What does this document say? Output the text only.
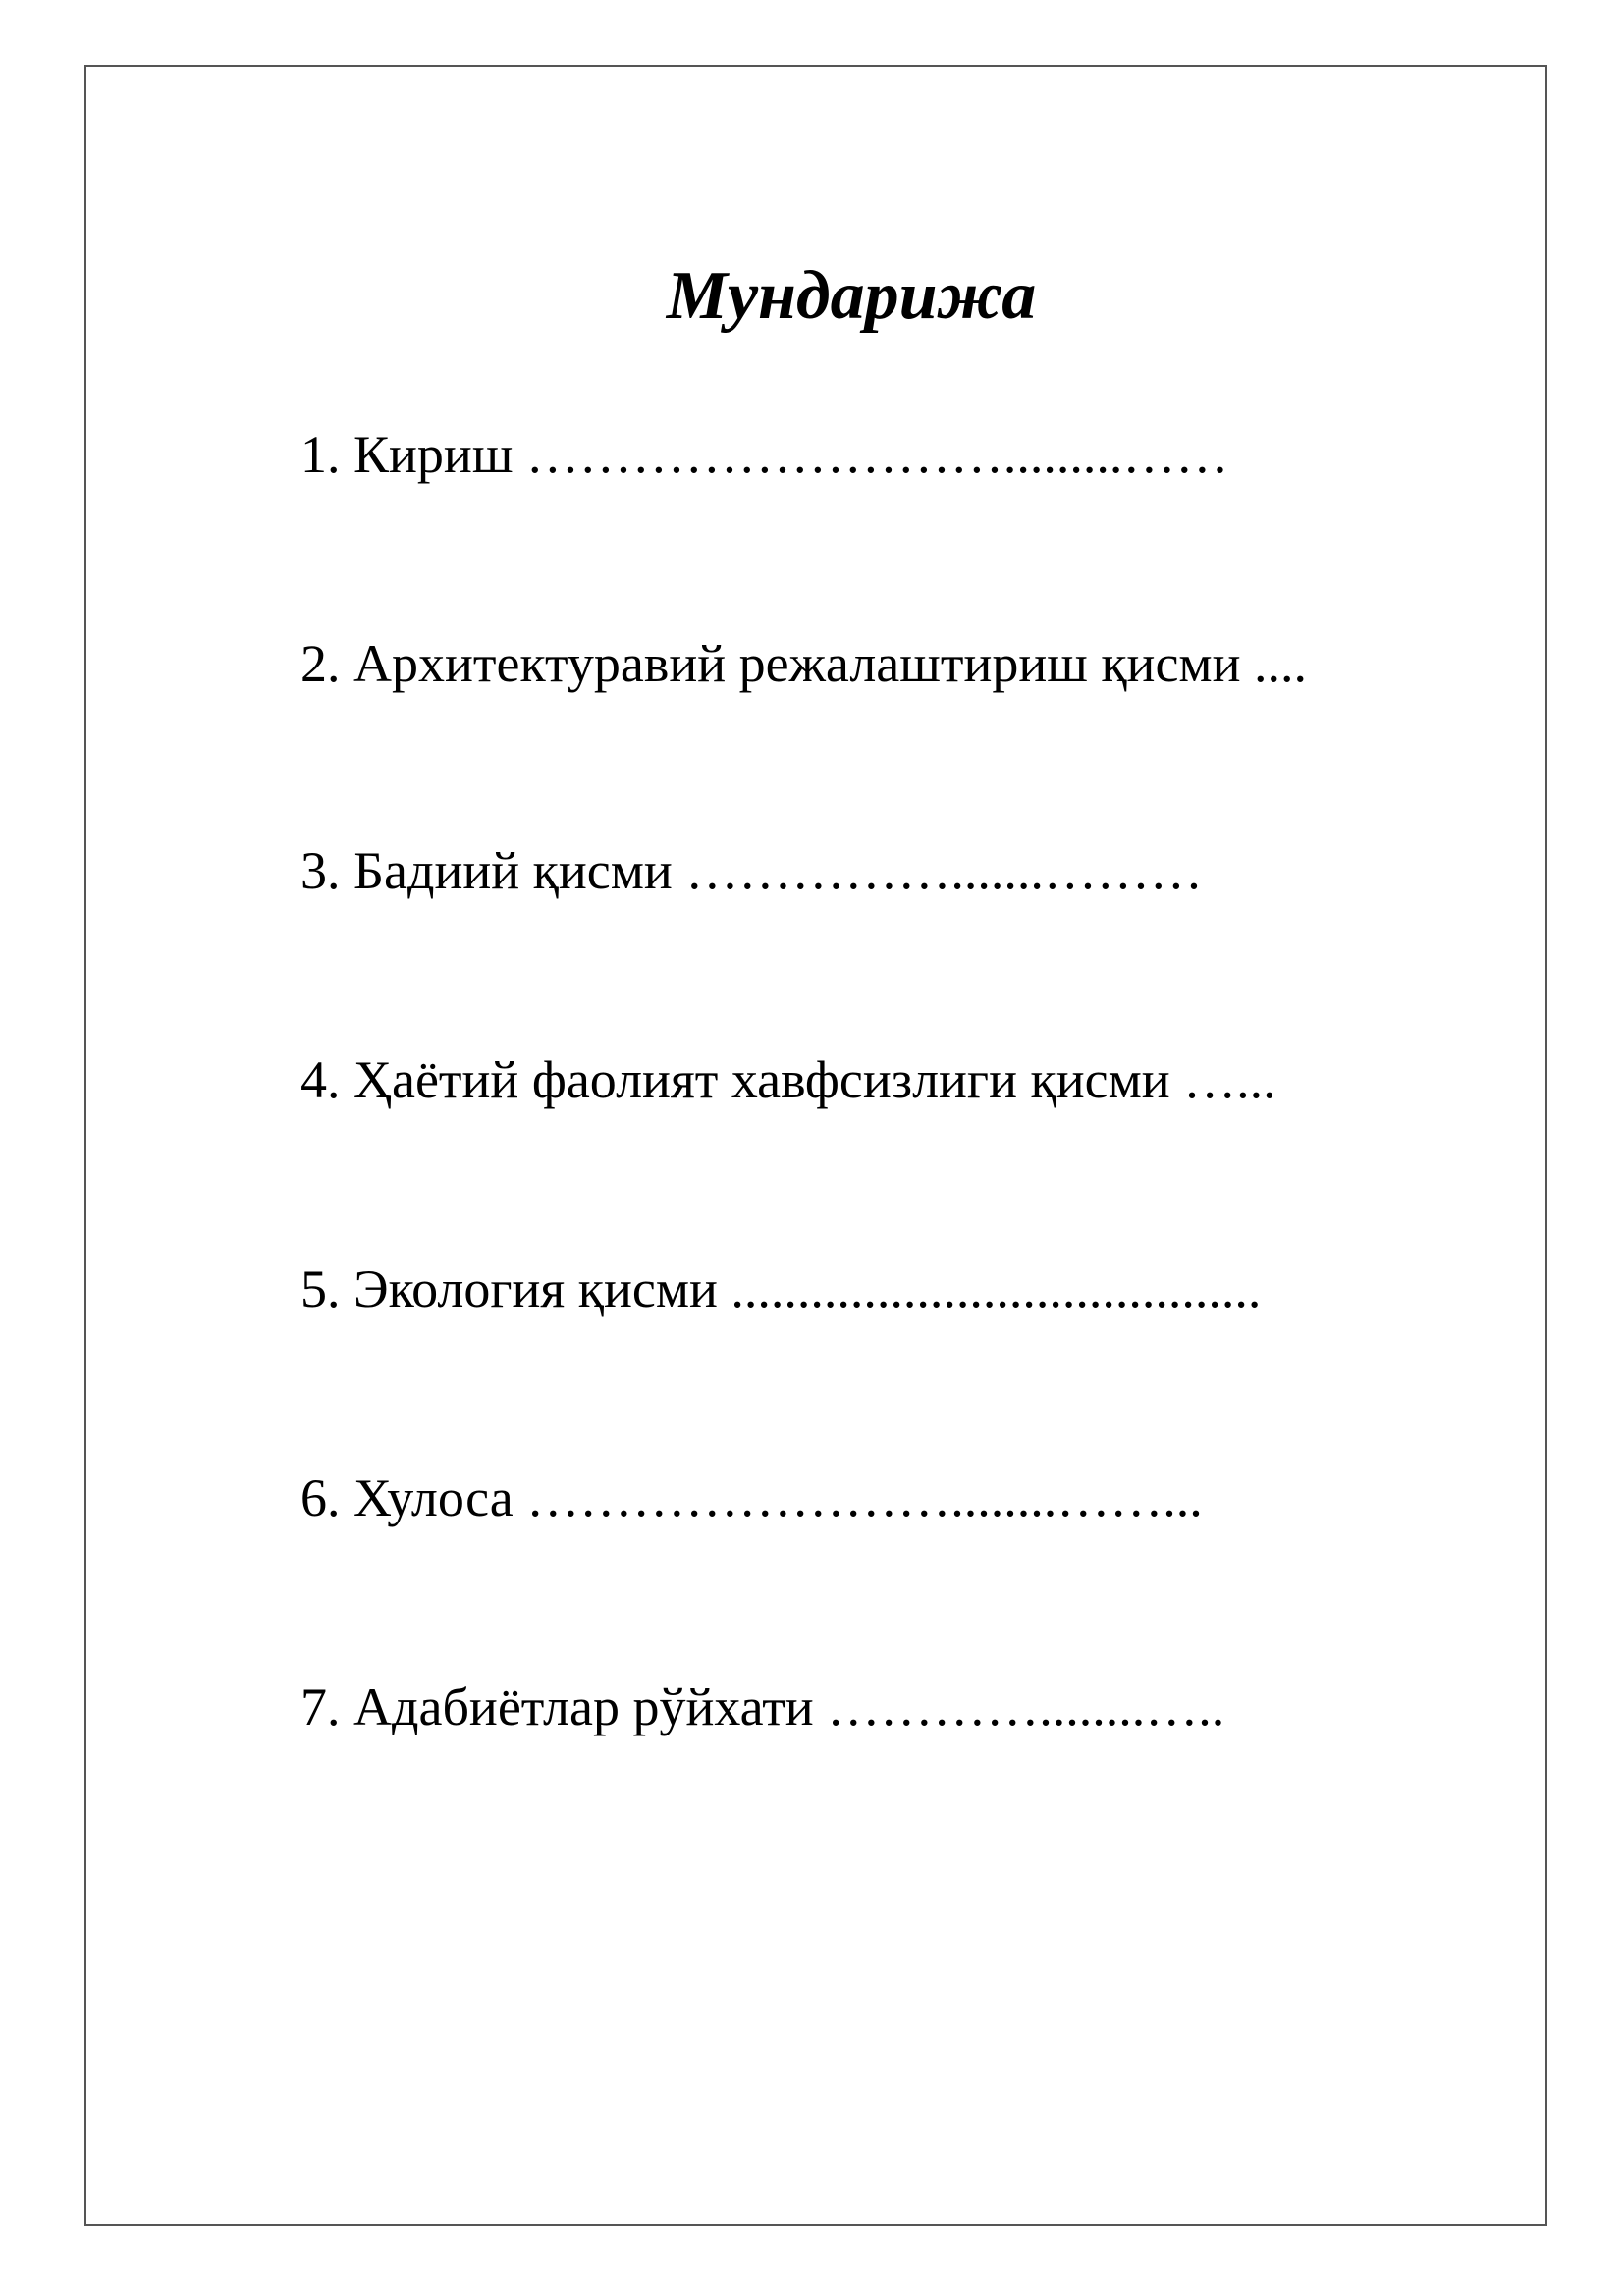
Мундарижа
1. Кириш ……………………….........……
2. Архитектуравий режалаштириш қисми ....
3. Бадиий қисми …………….......………
4. Ҳаётий фаолият хавфсизлиги қисми …...
5. Экология қисми ........................................
6. Хулоса ……………………........……...
7. Адабиётлар рўйхати …………........…..
